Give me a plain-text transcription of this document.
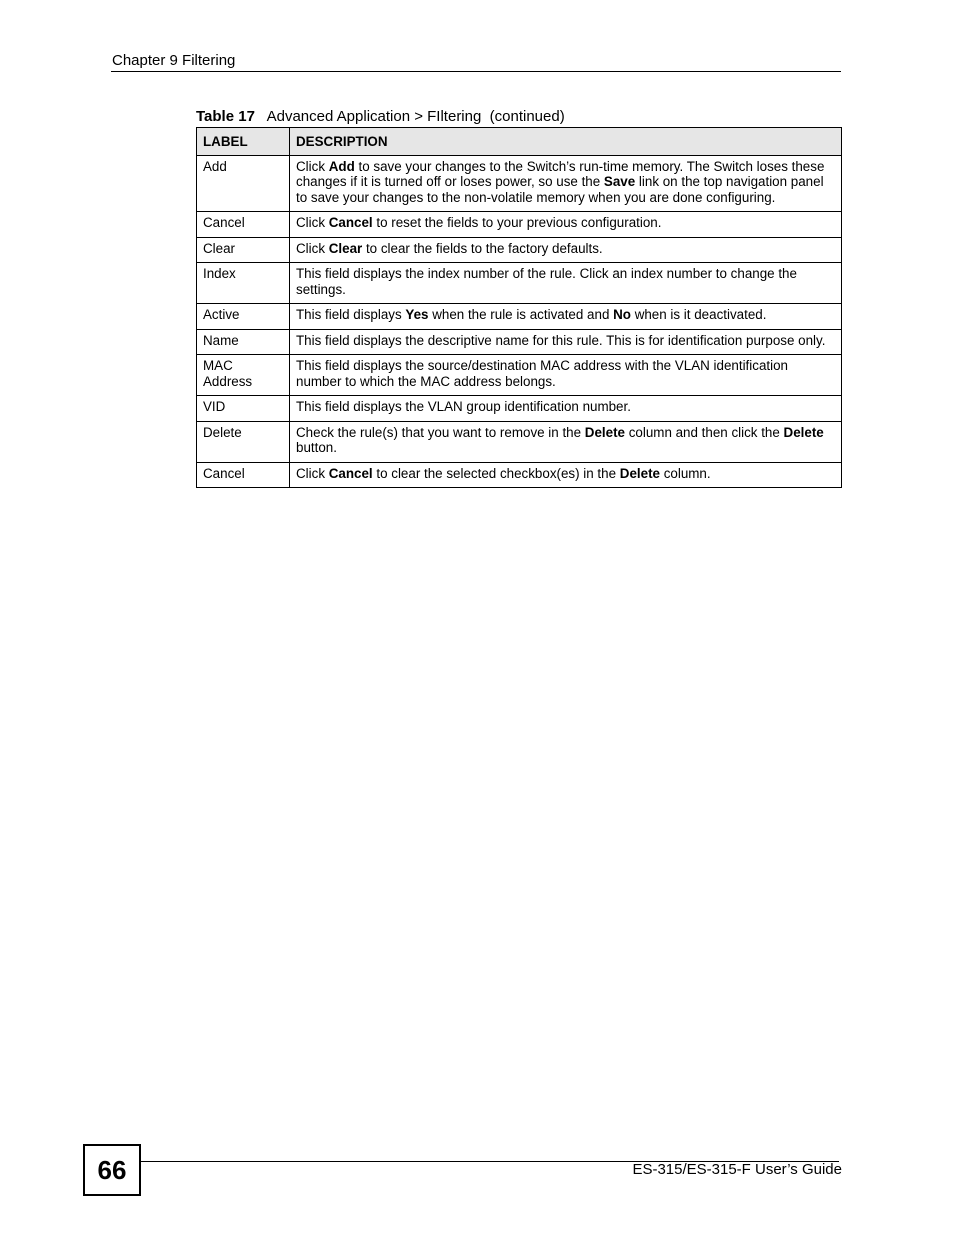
Chapter 9 Filtering
Table 17 Advanced Application > FIltering  (continued)
LABEL	DESCRIPTION
Add	Click Add to save your changes to the Switch’s run-time memory. The Switch loses these changes if it is turned off or loses power, so use the Save link on the top navigation panel to save your changes to the non-volatile memory when you are done configuring.
Cancel	Click Cancel to reset the fields to your previous configuration.
Clear	Click Clear to clear the fields to the factory defaults.
Index	This field displays the index number of the rule. Click an index number to change the settings.
Active	This field displays Yes when the rule is activated and No when is it deactivated.
Name	This field displays the descriptive name for this rule. This is for identification purpose only.
MAC Address	This field displays the source/destination MAC address with the VLAN identification number to which the MAC address belongs.
VID	This field displays the VLAN group identification number.
Delete	Check the rule(s) that you want to remove in the Delete column and then click the Delete button.
Cancel	Click Cancel to clear the selected checkbox(es) in the Delete column.
66	ES-315/ES-315-F User’s Guide
